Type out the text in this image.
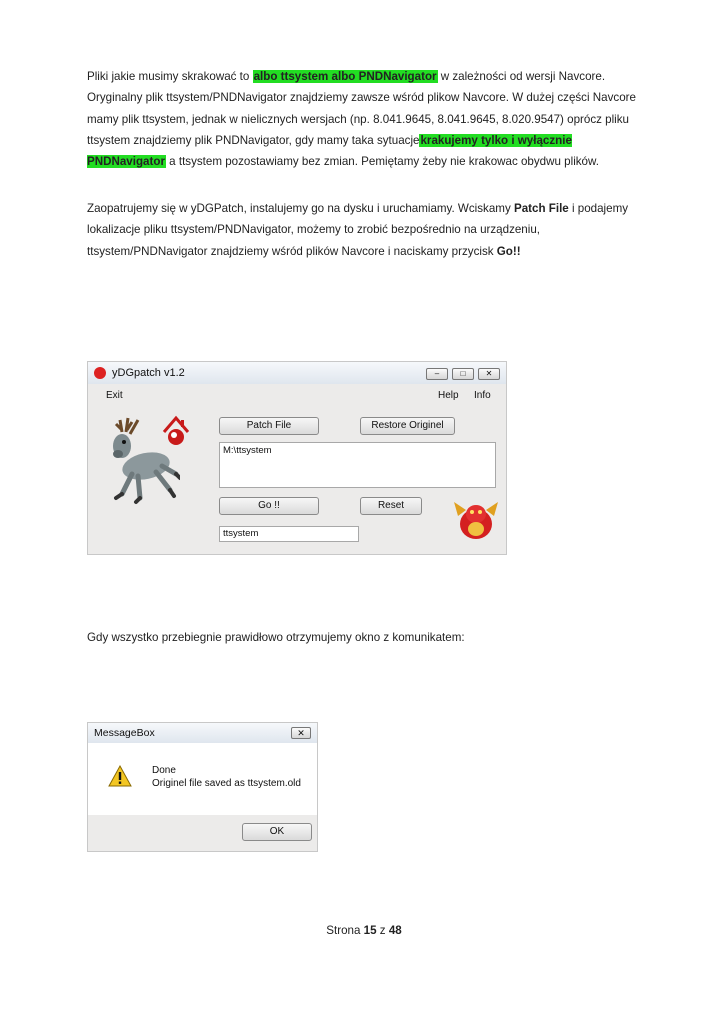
Pliki jakie musimy skrakować to albo ttsystem albo PNDNavigator w zależności od wersji Navcore. Oryginalny plik ttsystem/PNDNavigator znajdziemy zawsze wśród plikow Navcore. W dużej części Navcore mamy plik ttsystem, jednak w nielicznych wersjach (np. 8.041.9645, 8.041.9645, 8.020.9547) oprócz pliku ttsystem znajdziemy plik PNDNavigator, gdy mamy taka sytuacjekrakujemy tylko i wyłącznie PNDNavigator a ttsystem pozostawiamy bez zmian. Pemiętamy żeby nie krakowac obydwu plików.

Zaopatrujemy się w yDGPatch, instalujemy go na dysku i uruchamiamy. Wciskamy Patch File i podajemy lokalizacje pliku ttsystem/PNDNavigator, możemy to zrobić bezpośrednio na urządzeniu, ttsystem/PNDNavigator znajdziemy wśród plików Navcore i naciskamy przycisk Go!!

yDGpatch v1.2	–	□	✕
Exit	Help Info
Patch File	Restore Originel
M:\ttsystem
Go !!	Reset
ttsystem

Gdy wszystko przebiegnie prawidłowo otrzymujemy okno z komunikatem:

MessageBox	✕
Done
Originel file saved as ttsystem.old
OK
Strona 15 z 48
